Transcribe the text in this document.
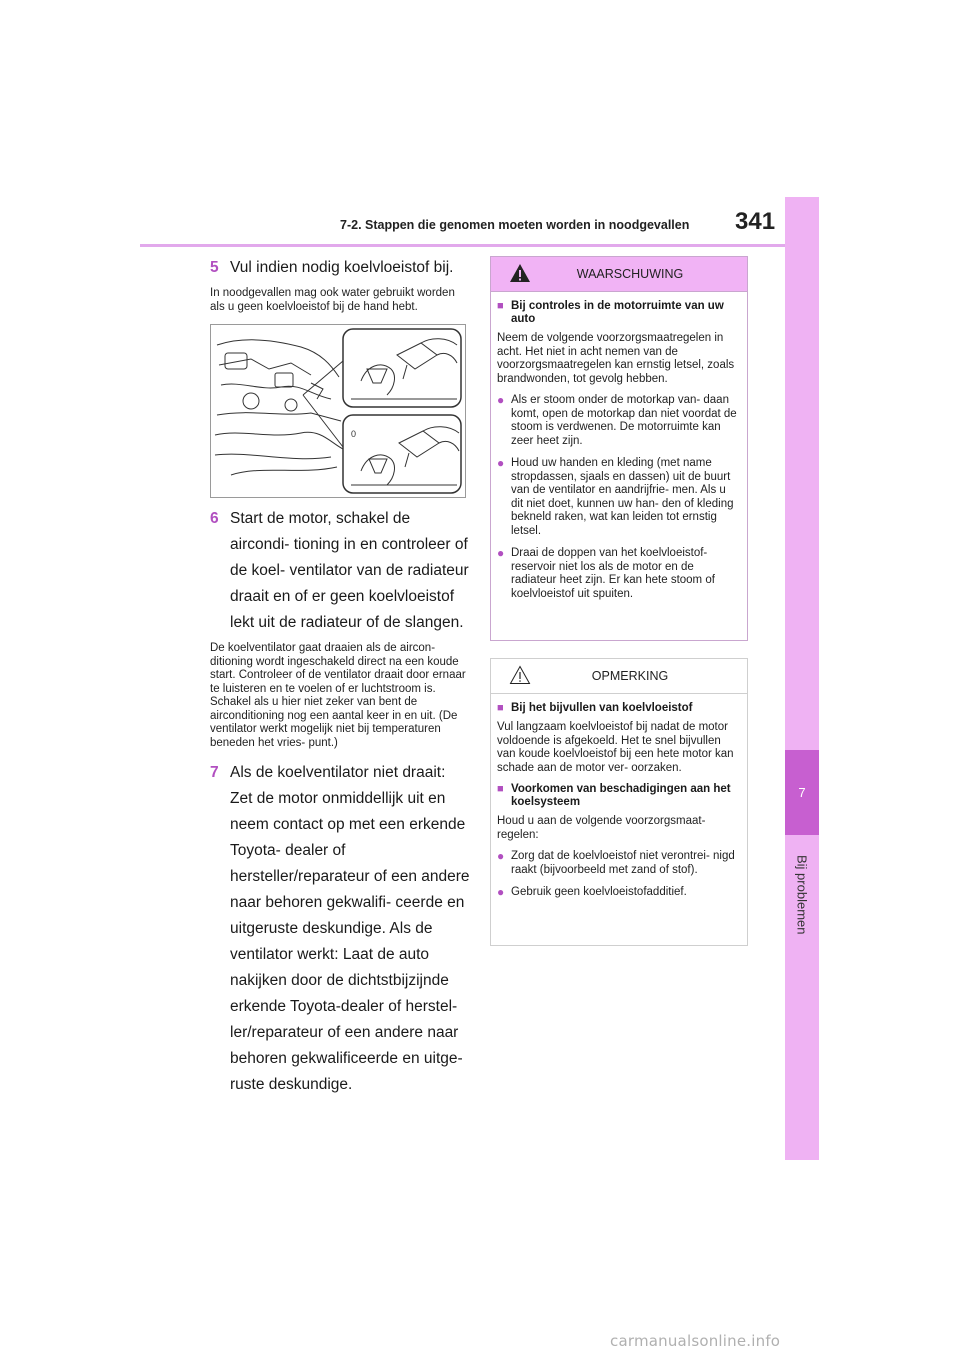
7-2. Stappen die genomen moeten worden in noodgevallen	341
7
Bij problemen
5 Vul indien nodig koelvloeistof bij.

In noodgevallen mag ook water gebruikt worden als u geen koelvloeistof bij de hand hebt.

0
6 Start de motor, schakel de aircondi- tioning in en controleer of de koel- ventilator van de radiateur draait en of er geen koelvloeistof lekt uit de radiateur of de slangen.

De koelventilator gaat draaien als de aircon- ditioning wordt ingeschakeld direct na een koude start. Controleer of de ventilator draait door ernaar te luisteren en te voelen of er luchtstroom is. Schakel als u hier niet zeker van bent de airconditioning nog een aantal keer in en uit. (De ventilator werkt mogelijk niet bij temperaturen beneden het vries- punt.)

7 Als de koelventilator niet draait: Zet de motor onmiddellijk uit en neem contact op met een erkende Toyota- dealer of hersteller/reparateur of een andere naar behoren gekwalifi- ceerde en uitgeruste deskundige. Als de ventilator werkt: Laat de auto nakijken door de dichtstbijzijnde erkende Toyota-dealer of herstel- ler/reparateur of een andere naar behoren gekwalificeerde en uitge- ruste deskundige.
WAARSCHUWING
■ Bij controles in de motorruimte van uw auto

Neem de volgende voorzorgsmaatregelen in acht. Het niet in acht nemen van de voorzorgsmaatregelen kan ernstig letsel, zoals brandwonden, tot gevolg hebben.

● Als er stoom onder de motorkap van- daan komt, open de motorkap dan niet voordat de stoom is verdwenen. De motorruimte kan zeer heet zijn.
● Houd uw handen en kleding (met name stropdassen, sjaals en dassen) uit de buurt van de ventilator en aandrijfrie- men. Als u dit niet doet, kunnen uw han- den of kleding bekneld raken, wat kan leiden tot ernstig letsel.
● Draai de doppen van het koelvloeistof- reservoir niet los als de motor en de radiateur heet zijn. Er kan hete stoom of koelvloeistof uit spuiten.
OPMERKING
■ Bij het bijvullen van koelvloeistof

Vul langzaam koelvloeistof bij nadat de motor voldoende is afgekoeld. Het te snel bijvullen van koude koelvloeistof bij een hete motor kan schade aan de motor ver- oorzaken.

■ Voorkomen van beschadigingen aan het koelsysteem

Houd u aan de volgende voorzorgsmaat- regelen:

● Zorg dat de koelvloeistof niet verontrei- nigd raakt (bijvoorbeeld met zand of stof).
● Gebruik geen koelvloeistofadditief.
carmanualsonline.info
